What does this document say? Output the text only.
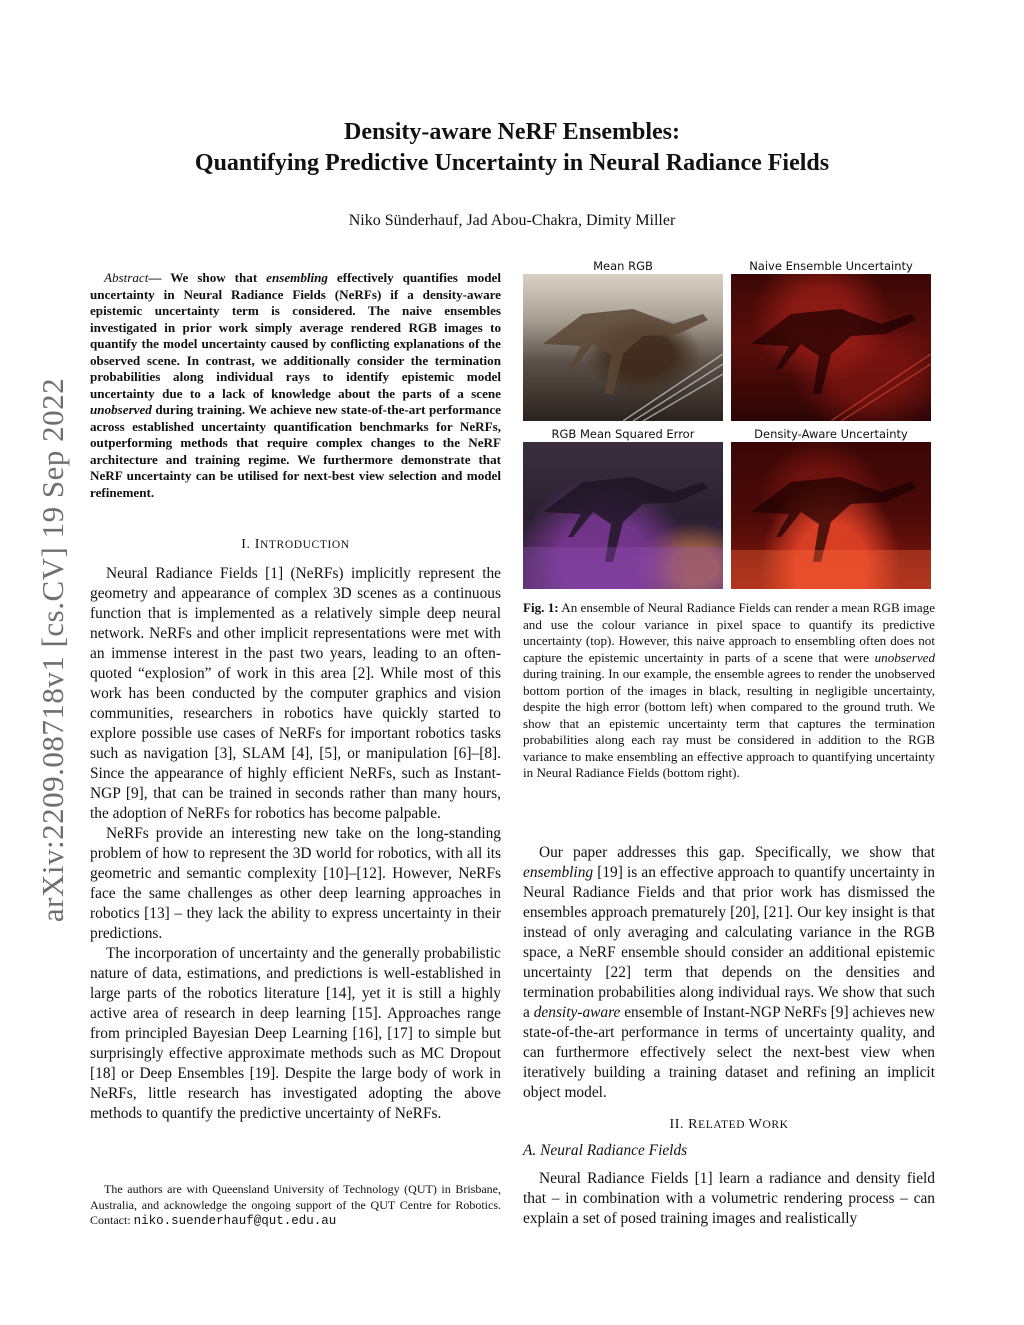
arXiv:2209.08718v1 [cs.CV] 19 Sep 2022
Density-aware NeRF Ensembles:
Quantifying Predictive Uncertainty in Neural Radiance Fields
Niko Sünderhauf, Jad Abou-Chakra, Dimity Miller
Abstract— We show that ensembling effectively quantifies model uncertainty in Neural Radiance Fields (NeRFs) if a density-aware epistemic uncertainty term is considered. The naive ensembles investigated in prior work simply average rendered RGB images to quantify the model uncertainty caused by conflicting explanations of the observed scene. In contrast, we additionally consider the termination probabilities along individual rays to identify epistemic model uncertainty due to a lack of knowledge about the parts of a scene unobserved during training. We achieve new state-of-the-art performance across established uncertainty quantification benchmarks for NeRFs, outperforming methods that require complex changes to the NeRF architecture and training regime. We furthermore demonstrate that NeRF uncertainty can be utilised for next-best view selection and model refinement.
I. INTRODUCTION

Neural Radiance Fields [1] (NeRFs) implicitly represent the geometry and appearance of complex 3D scenes as a continuous function that is implemented as a relatively simple deep neural network. NeRFs and other implicit representations were met with an immense interest in the past two years, leading to an often-quoted “explosion” of work in this area [2]. While most of this work has been conducted by the computer graphics and vision communities, researchers in robotics have quickly started to explore possible use cases of NeRFs for important robotics tasks such as navigation [3], SLAM [4], [5], or manipulation [6]–[8]. Since the appearance of highly efficient NeRFs, such as Instant-NGP [9], that can be trained in seconds rather than many hours, the adoption of NeRFs for robotics has become palpable.

NeRFs provide an interesting new take on the long-standing problem of how to represent the 3D world for robotics, with all its geometric and semantic complexity [10]–[12]. However, NeRFs face the same challenges as other deep learning approaches in robotics [13] – they lack the ability to express uncertainty in their predictions.

The incorporation of uncertainty and the generally probabilistic nature of data, estimations, and predictions is well-established in large parts of the robotics literature [14], yet it is still a highly active area of research in deep learning [15]. Approaches range from principled Bayesian Deep Learning [16], [17] to simple but surprisingly effective approximate methods such as MC Dropout [18] or Deep Ensembles [19]. Despite the large body of work in NeRFs, little research has investigated adopting the above methods to quantify the predictive uncertainty of NeRFs.

The authors are with Queensland University of Technology (QUT) in Brisbane, Australia, and acknowledge the ongoing support of the QUT Centre for Robotics. Contact: niko.suenderhauf@qut.edu.au
Mean RGB	Naive Ensemble Uncertainty
RGB Mean Squared Error	Density-Aware Uncertainty
Fig. 1: An ensemble of Neural Radiance Fields can render a mean RGB image and use the colour variance in pixel space to quantify its predictive uncertainty (top). However, this naive approach to ensembling often does not capture the epistemic uncertainty in parts of a scene that were unobserved during training. In our example, the ensemble agrees to render the unobserved bottom portion of the images in black, resulting in negligible uncertainty, despite the high error (bottom left) when compared to the ground truth. We show that an epistemic uncertainty term that captures the termination probabilities along each ray must be considered in addition to the RGB variance to make ensembling an effective approach to quantifying uncertainty in Neural Radiance Fields (bottom right).

Our paper addresses this gap. Specifically, we show that ensembling [19] is an effective approach to quantify uncertainty in Neural Radiance Fields and that prior work has dismissed the ensembles approach prematurely [20], [21]. Our key insight is that instead of only averaging and calculating variance in the RGB space, a NeRF ensemble should consider an additional epistemic uncertainty [22] term that depends on the densities and termination probabilities along individual rays. We show that such a density-aware ensemble of Instant-NGP NeRFs [9] achieves new state-of-the-art performance in terms of uncertainty quality, and can furthermore effectively select the next-best view when iteratively building a training dataset and refining an implicit object model.

II. RELATED WORK
A. Neural Radiance Fields

Neural Radiance Fields [1] learn a radiance and density field that – in combination with a volumetric rendering process – can explain a set of posed training images and realistically
